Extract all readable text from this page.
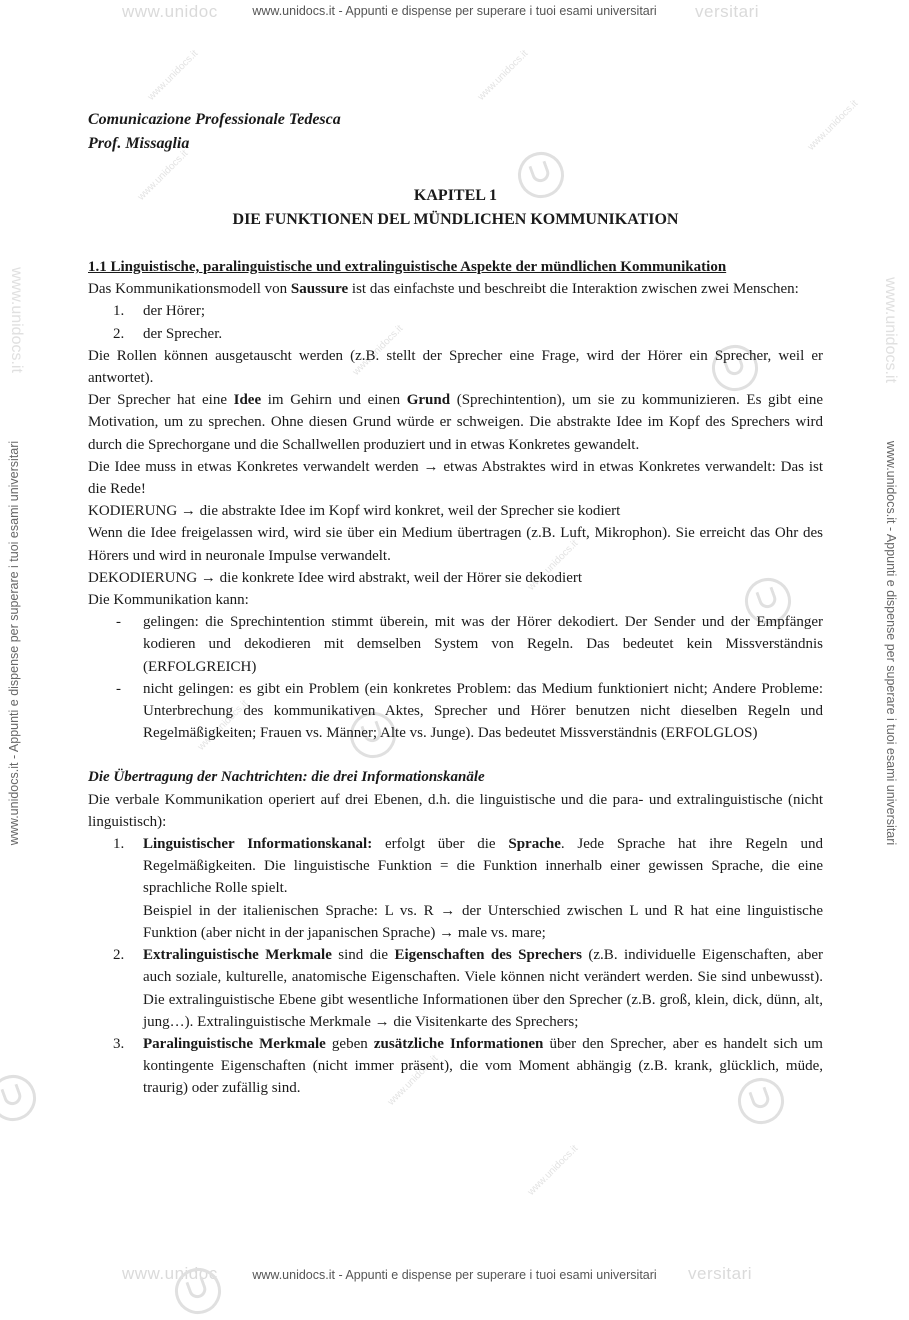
www.unidoc	versitari
www.unidocs.it - Appunti e dispense per superare i tuoi esami universitari
www.unidoc	versitari
www.unidocs.it - Appunti e dispense per superare i tuoi esami universitari
www.unidocs.it - Appunti e dispense per superare i tuoi esami universitari	www.unidocs.it - Appunti e dispense per superare i tuoi esami universitari
www.unidocs.it	www.unidocs.it
www.unidocs.it
www.unidocs.it
www.unidocs.it
www.unidocs.it
www.unidocs.it
www.unidocs.it
www.unidocs.it
www.unidocs.it
www.unidocs.it
Comunicazione Professionale Tedesca
Prof. Missaglia
KAPITEL 1
DIE FUNKTIONEN DEL MÜNDLICHEN KOMMUNIKATION
1.1 Linguistische, paralinguistische und extralinguistische Aspekte der mündlichen Kommunikation

Das Kommunikationsmodell von Saussure ist das einfachste und beschreibt die Interaktion zwischen zwei Menschen:

1. der Hörer;
2. der Sprecher.

Die Rollen können ausgetauscht werden (z.B. stellt der Sprecher eine Frage, wird der Hörer ein Sprecher, weil er antwortet).

Der Sprecher hat eine Idee im Gehirn und einen Grund (Sprechintention), um sie zu kommunizieren. Es gibt eine Motivation, um zu sprechen. Ohne diesen Grund würde er schweigen. Die abstrakte Idee im Kopf des Sprechers wird durch die Sprechorgane und die Schallwellen produziert und in etwas Konkretes gewandelt.

Die Idee muss in etwas Konkretes verwandelt werden → etwas Abstraktes wird in etwas Konkretes verwandelt: Das ist die Rede!

KODIERUNG → die abstrakte Idee im Kopf wird konkret, weil der Sprecher sie kodiert

Wenn die Idee freigelassen wird, wird sie über ein Medium übertragen (z.B. Luft, Mikrophon). Sie erreicht das Ohr des Hörers und wird in neuronale Impulse verwandelt.

DEKODIERUNG → die konkrete Idee wird abstrakt, weil der Hörer sie dekodiert

Die Kommunikation kann:

- gelingen: die Sprechintention stimmt überein, mit was der Hörer dekodiert. Der Sender und der Empfänger kodieren und dekodieren mit demselben System von Regeln. Das bedeutet kein Missverständnis (ERFOLGREICH)
- nicht gelingen: es gibt ein Problem (ein konkretes Problem: das Medium funktioniert nicht; Andere Probleme: Unterbrechung des kommunikativen Aktes, Sprecher und Hörer benutzen nicht dieselben Regeln und Regelmäßigkeiten; Frauen vs. Männer; Alte vs. Junge). Das bedeutet Missverständnis (ERFOLGLOS)
Die Übertragung der Nachtrichten: die drei Informationskanäle

Die verbale Kommunikation operiert auf drei Ebenen, d.h. die linguistische und die para- und extralinguistische (nicht linguistisch):

1. Linguistischer Informationskanal: erfolgt über die Sprache. Jede Sprache hat ihre Regeln und Regelmäßigkeiten. Die linguistische Funktion = die Funktion innerhalb einer gewissen Sprache, die eine sprachliche Rolle spielt.
Beispiel in der italienischen Sprache: L vs. R → der Unterschied zwischen L und R hat eine linguistische Funktion (aber nicht in der japanischen Sprache) → male vs. mare;
2. Extralinguistische Merkmale sind die Eigenschaften des Sprechers (z.B. individuelle Eigenschaften, aber auch soziale, kulturelle, anatomische Eigenschaften. Viele können nicht verändert werden. Sie sind unbewusst). Die extralinguistische Ebene gibt wesentliche Informationen über den Sprecher (z.B. groß, klein, dick, dünn, alt, jung…). Extralinguistische Merkmale → die Visitenkarte des Sprechers;
3. Paralinguistische Merkmale geben zusätzliche Informationen über den Sprecher, aber es handelt sich um kontingente Eigenschaften (nicht immer präsent), die vom Moment abhängig (z.B. krank, glücklich, müde, traurig) oder zufällig sind.
